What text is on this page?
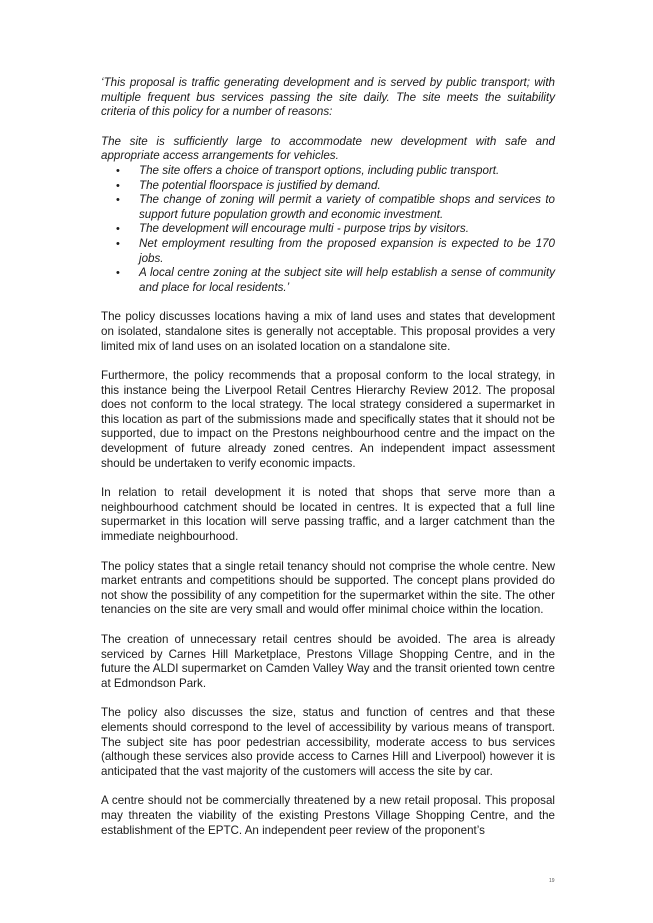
‘This proposal is traffic generating development and is served by public transport; with multiple frequent bus services passing the site daily. The site meets the suitability criteria of this policy for a number of reasons:

The site is sufficiently large to accommodate new development with safe and appropriate access arrangements for vehicles.

• The site offers a choice of transport options, including public transport.
• The potential floorspace is justified by demand.
• The change of zoning will permit a variety of compatible shops and services to support future population growth and economic investment.
• The development will encourage multi - purpose trips by visitors.
• Net employment resulting from the proposed expansion is expected to be 170 jobs.
• A local centre zoning at the subject site will help establish a sense of community and place for local residents.’

The policy discusses locations having a mix of land uses and states that development on isolated, standalone sites is generally not acceptable. This proposal provides a very limited mix of land uses on an isolated location on a standalone site.

Furthermore, the policy recommends that a proposal conform to the local strategy, in this instance being the Liverpool Retail Centres Hierarchy Review 2012. The proposal does not conform to the local strategy. The local strategy considered a supermarket in this location as part of the submissions made and specifically states that it should not be supported, due to impact on the Prestons neighbourhood centre and the impact on the development of future already zoned centres. An independent impact assessment should be undertaken to verify economic impacts.

In relation to retail development it is noted that shops that serve more than a neighbourhood catchment should be located in centres. It is expected that a full line supermarket in this location will serve passing traffic, and a larger catchment than the immediate neighbourhood.

The policy states that a single retail tenancy should not comprise the whole centre. New market entrants and competitions should be supported. The concept plans provided do not show the possibility of any competition for the supermarket within the site. The other tenancies on the site are very small and would offer minimal choice within the location.

The creation of unnecessary retail centres should be avoided. The area is already serviced by Carnes Hill Marketplace, Prestons Village Shopping Centre, and in the future the ALDI supermarket on Camden Valley Way and the transit oriented town centre at Edmondson Park.

The policy also discusses the size, status and function of centres and that these elements should correspond to the level of accessibility by various means of transport. The subject site has poor pedestrian accessibility, moderate access to bus services (although these services also provide access to Carnes Hill and Liverpool) however it is anticipated that the vast majority of the customers will access the site by car.

A centre should not be commercially threatened by a new retail proposal. This proposal may threaten the viability of the existing Prestons Village Shopping Centre, and the establishment of the EPTC. An independent peer review of the proponent’s

19
